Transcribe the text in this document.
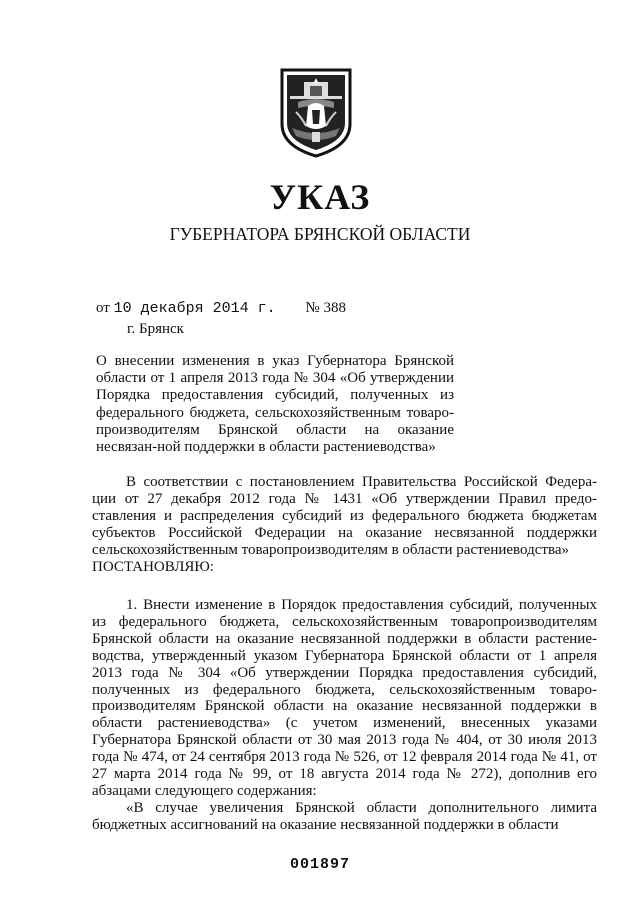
УКАЗ
ГУБЕРНАТОРА БРЯНСКОЙ ОБЛАСТИ
от 10 декабря 2014 г. № 388
г. Брянск
О внесении изменения в указ Губернатора Брянской области от 1 апреля 2013 года № 304 «Об утверждении Порядка предоставления субсидий, полученных из федерального бюджета, сельскохозяйственным товаро-производителям Брянской области на оказание несвязан-ной поддержки в области растениеводства»

В соответствии с постановлением Правительства Российской Федера-ции от 27 декабря 2012 года № 1431 «Об утверждении Правил предо-ставления и распределения субсидий из федерального бюджета бюджетам субъектов Российской Федерации на оказание несвязанной поддержки сельскохозяйственным товаропроизводителям в области растениеводства»

ПОСТАНОВЛЯЮ:

1. Внести изменение в Порядок предоставления субсидий, полученных из федерального бюджета, сельскохозяйственным товаропроизводителям Брянской области на оказание несвязанной поддержки в области растение-водства, утвержденный указом Губернатора Брянской области от 1 апреля 2013 года № 304 «Об утверждении Порядка предоставления субсидий, полученных из федерального бюджета, сельскохозяйственным товаро-производителям Брянской области на оказание несвязанной поддержки в области растениеводства» (с учетом изменений, внесенных указами Губернатора Брянской области от 30 мая 2013 года № 404, от 30 июля 2013 года № 474, от 24 сентября 2013 года № 526, от 12 февраля 2014 года № 41, от 27 марта 2014 года № 99, от 18 августа 2014 года № 272), дополнив его абзацами следующего содержания:

«В случае увеличения Брянской области дополнительного лимита бюджетных ассигнований на оказание несвязанной поддержки в области

001897
